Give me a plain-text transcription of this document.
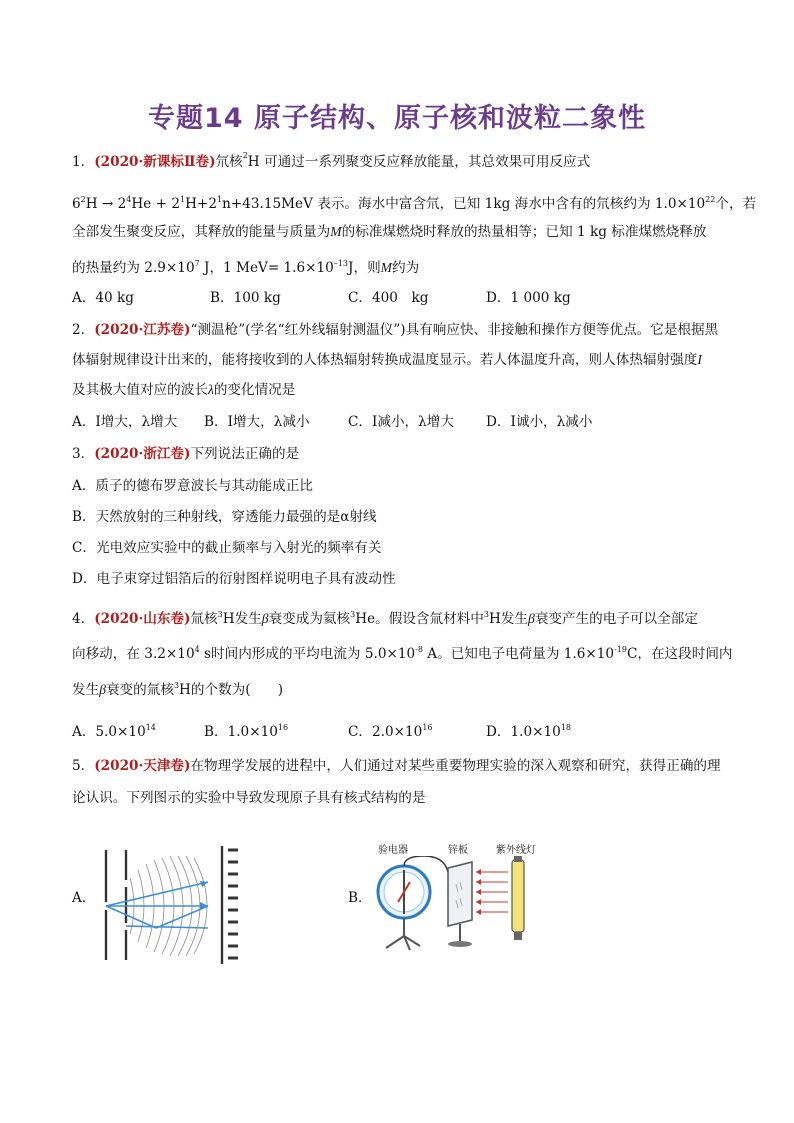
专题14 原子结构、原子核和波粒二象性
1．(2020·新课标Ⅱ卷)氘核$^2$H 可通过一系列聚变反应释放能量，其总效果可用反应式
$6^2H \to 2^4He + 2^1H+2^1n+43.15MeV$ 表示。海水中富含氘，已知 1kg 海水中含有的氘核约为 $1.0\times 10^{22}$个，若
全部发生聚变反应，其释放的能量与质量为M的标准煤燃烧时释放的热量相等；已知 1 kg 标准煤燃烧释放
的热量约为 $2.9\times 10^7$ J，1 $MeV= 1.6\times 10^{-13}J$，则M约为
A．40 kg	B．100 kg	C．400　kg	D．1 000 kg
2．(2020·江苏卷)“测温枪”(学名“红外线辐射测温仪”)具有响应快、非接触和操作方便等优点。它是根据黑
体辐射规律设计出来的，能将接收到的人体热辐射转换成温度显示。若人体温度升高，则人体热辐射强度I
及其极大值对应的波长λ的变化情况是
A．I增大，λ增大 B．I增大，λ减小	C．I减小，λ增大 D．I诚小，λ减小
3．(2020·浙江卷)下列说法正确的是
A．质子的德布罗意波长与其动能成正比
B．天然放射的三种射线，穿透能力最强的是α射线
C．光电效应实验中的截止频率与入射光的频率有关
D．电子束穿过铝箔后的衍射图样说明电子具有波动性
4．(2020·山东卷)氚核$^3$H发生β衰变成为氦核$^3$He。假设含氚材料中$^3$H发生β衰变产生的电子可以全部定
向移动，在 $3.2\times 10^4$ s时间内形成的平均电流为 $5.0\times 10^{-8}$ A。已知电子电荷量为 $1.6\times 10^{-19}C$，在这段时间内
发生β衰变的氚核$^3$H的个数为(　　)
A．$5.0\times 10^{14}$	B．$1.0\times 10^{16}$	C．$2.0\times 10^{16}$	D．$1.0\times 10^{18}$
5．(2020·天津卷)在物理学发展的进程中，人们通过对某些重要物理实验的深入观察和研究，获得正确的理
论认识。下列图示的实验中导致发现原子具有核式结构的是
A．	B．
验电器	锌板	紫外线灯
